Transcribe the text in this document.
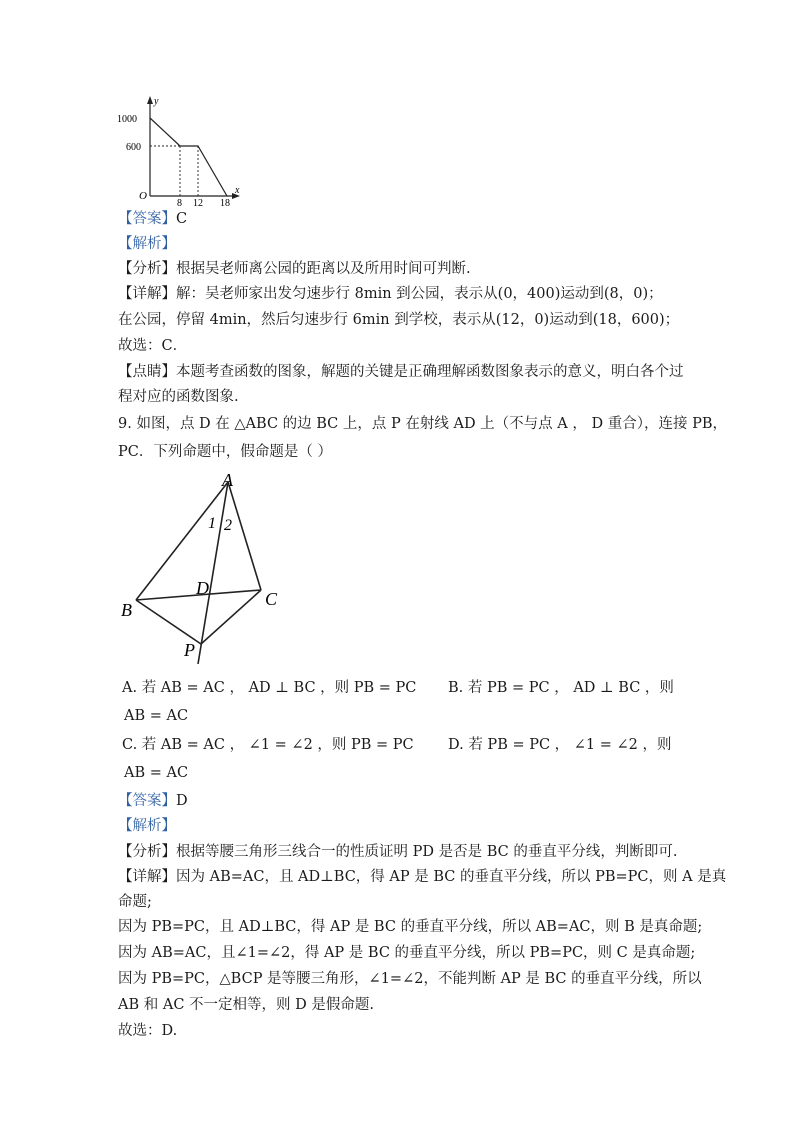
y
x
O
1000
600
8 12 18
【答案】C
【解析】
【分析】根据吴老师离公园的距离以及所用时间可判断.
【详解】解：吴老师家出发匀速步行 8min 到公园，表示从(0，400)运动到(8，0)；
在公园，停留 4min，然后匀速步行 6min 到学校，表示从(12，0)运动到(18，600)；
故选：C．
【点睛】本题考查函数的图象，解题的关键是正确理解函数图象表示的意义，明白各个过
程对应的函数图象.
9. 如图，点 D 在 △ABC 的边 BC 上，点 P 在射线 AD 上（不与点 A ， D 重合），连接 PB，
PC．下列命题中，假命题是（ ）
A
B
C
D
P
1 2
A. 若 AB = AC ， AD ⊥ BC ，则 PB = PC B. 若 PB = PC ， AD ⊥ BC ，则
AB = AC
C. 若 AB = AC ， ∠1 = ∠2 ，则 PB = PC D. 若 PB = PC ， ∠1 = ∠2 ，则
AB = AC
【答案】D
【解析】
【分析】根据等腰三角形三线合一的性质证明 PD 是否是 BC 的垂直平分线，判断即可.
【详解】因为 AB=AC，且 AD⊥BC，得 AP 是 BC 的垂直平分线，所以 PB=PC，则 A 是真
命题;
因为 PB=PC，且 AD⊥BC，得 AP 是 BC 的垂直平分线，所以 AB=AC，则 B 是真命题;
因为 AB=AC，且∠1=∠2，得 AP 是 BC 的垂直平分线，所以 PB=PC，则 C 是真命题;
因为 PB=PC，△BCP 是等腰三角形，∠1=∠2，不能判断 AP 是 BC 的垂直平分线，所以
AB 和 AC 不一定相等，则 D 是假命题.
故选：D.
